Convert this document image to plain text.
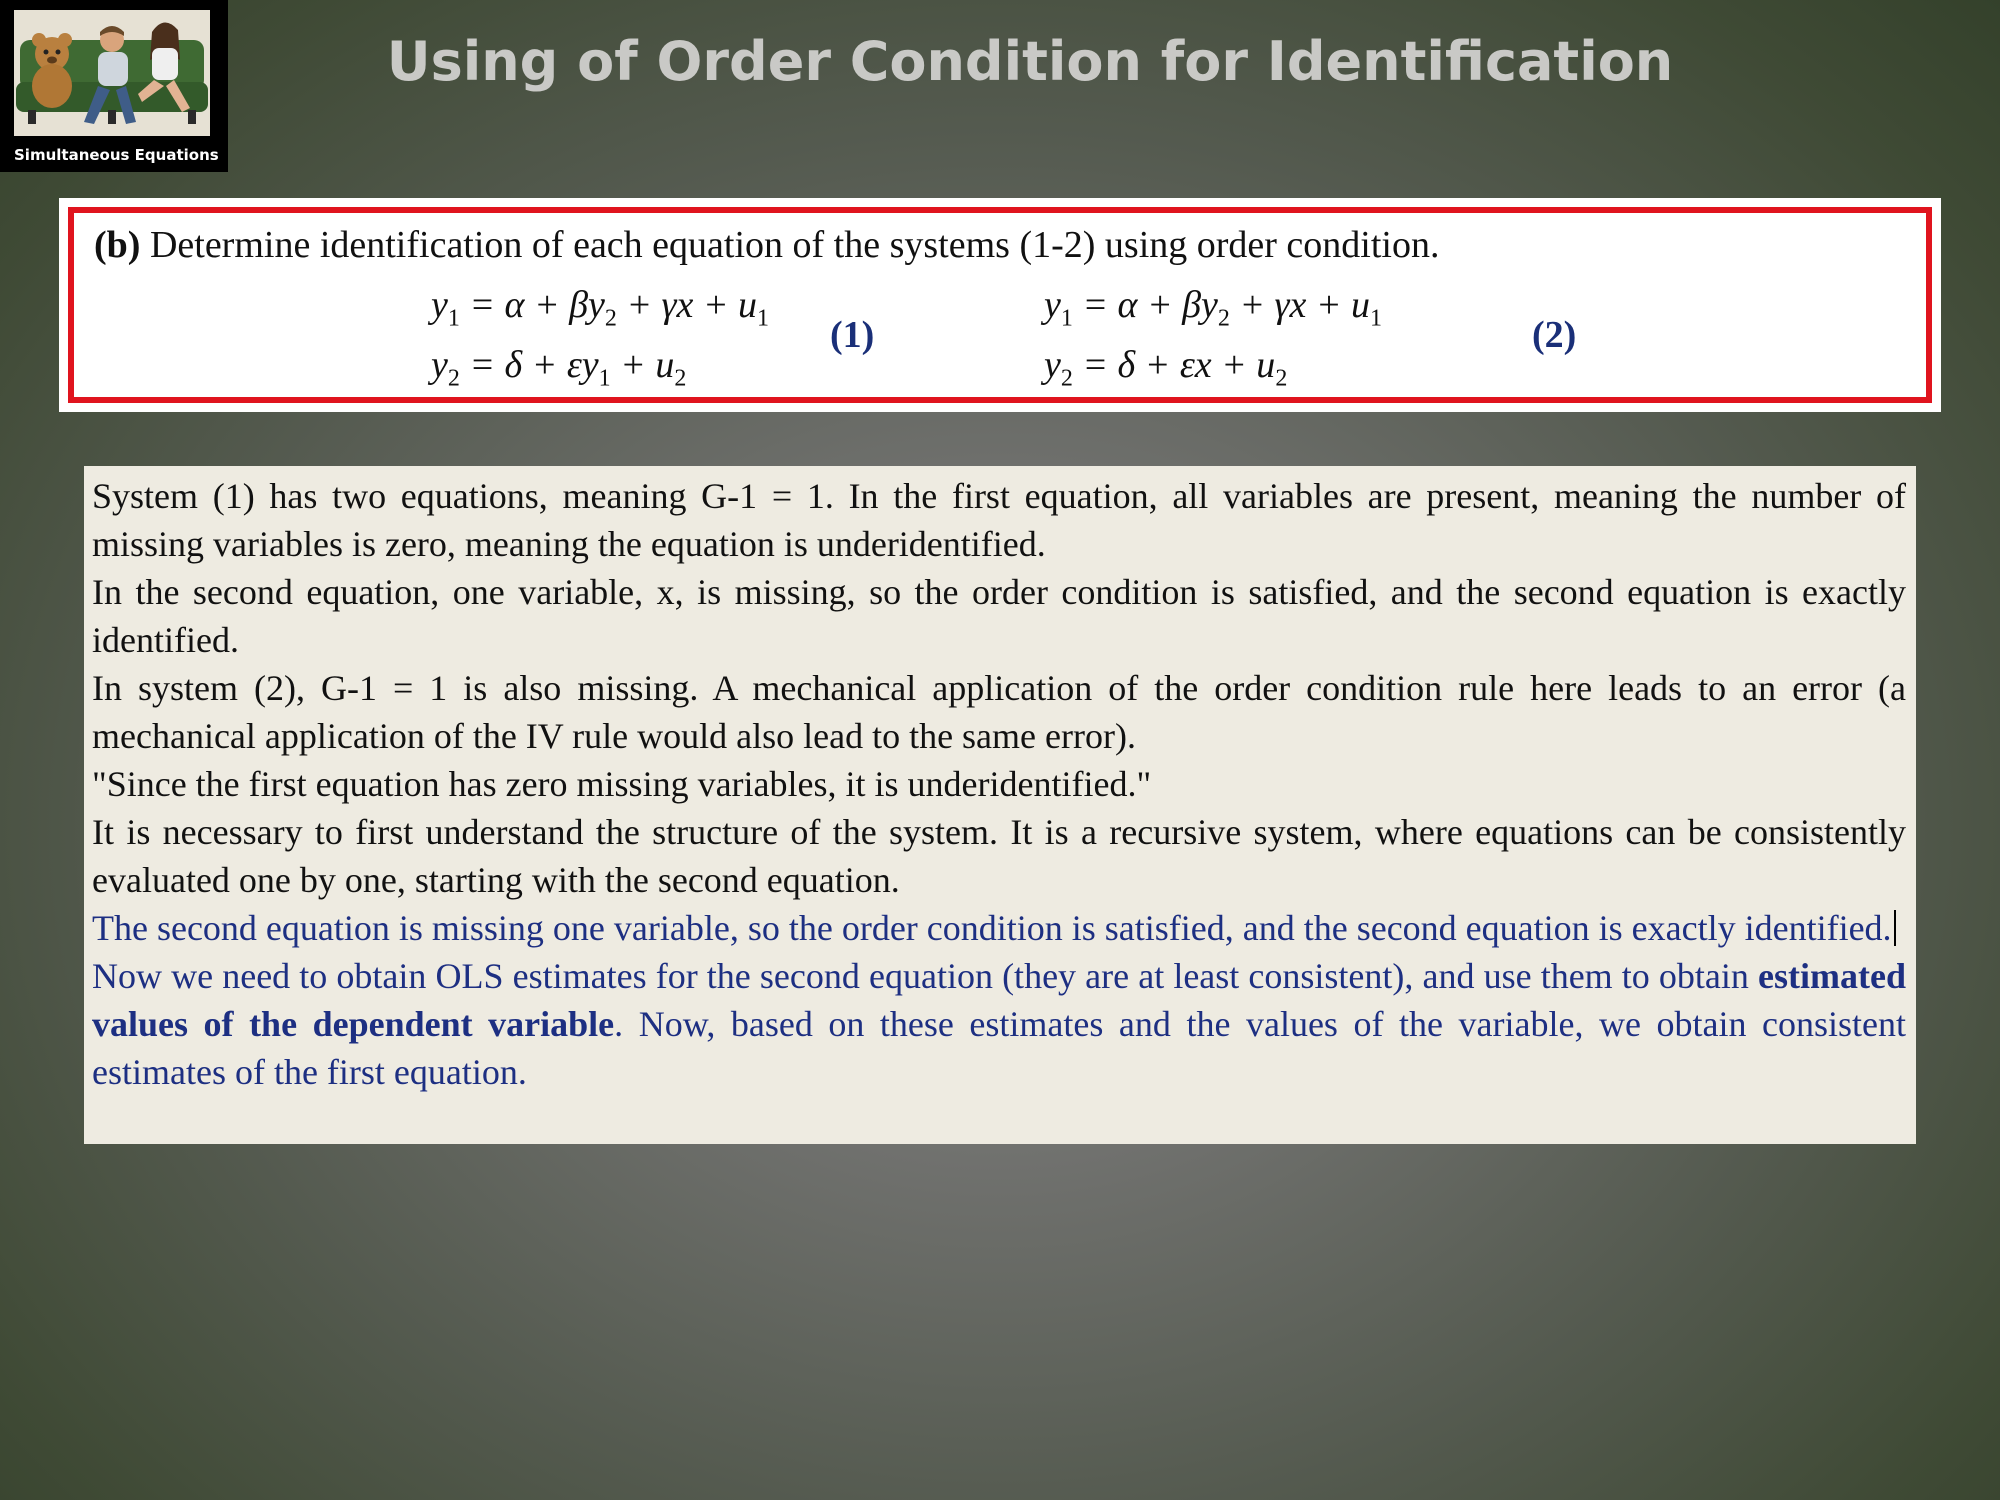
Simultaneous Equations
Using of Order Condition for Identification
(b) Determine identification of each equation of the systems (1-2) using order condition.
$y_1 = \alpha + \beta y_2 + \gamma x + u_1$
$y_2 = \delta + \varepsilon y_1 + u_2$
(1)
$y_1 = \alpha + \beta y_2 + \gamma x + u_1$
$y_2 = \delta + \varepsilon x + u_2$
(2)

System (1) has two equations, meaning G-1 = 1. In the first equation, all variables are present, meaning the number of missing variables is zero, meaning the equation is underidentified.

In the second equation, one variable, x, is missing, so the order condition is satisfied, and the second equation is exactly identified.

In system (2), G-1 = 1 is also missing. A mechanical application of the order condition rule here leads to an error (a mechanical application of the IV rule would also lead to the same error).

"Since the first equation has zero missing variables, it is underidentified."

It is necessary to first understand the structure of the system. It is a recursive system, where equations can be consistently evaluated one by one, starting with the second equation.

The second equation is missing one variable, so the order condition is satisfied, and the second equation is exactly identified.

Now we need to obtain OLS estimates for the second equation (they are at least consistent), and use them to obtain estimated values of the dependent variable. Now, based on these estimates and the values of the variable, we obtain consistent estimates of the first equation.
